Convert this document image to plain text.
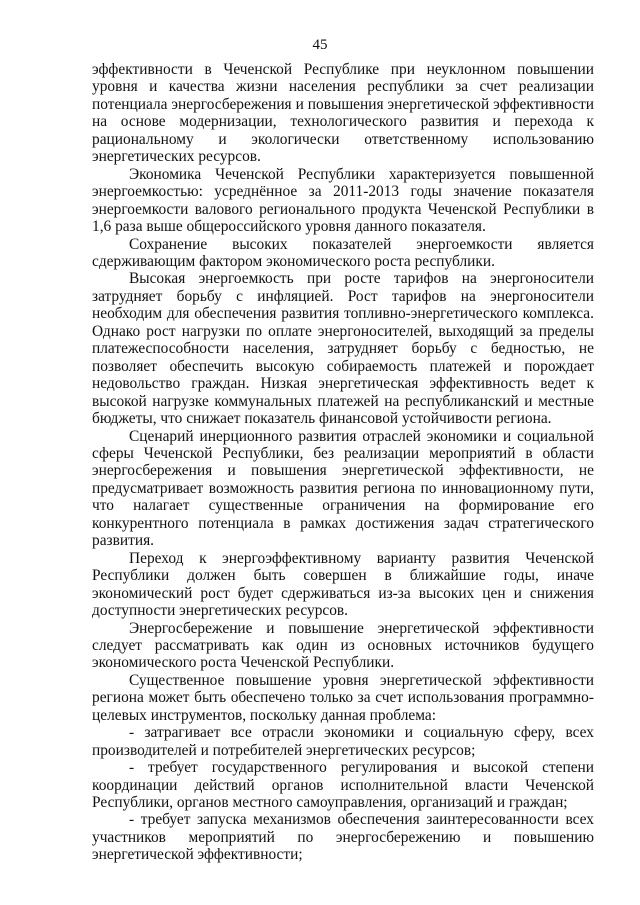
45

эффективности в Чеченской Республике при неуклонном повышении уровня и качества жизни населения республики за счет реализации потенциала энергосбережения и повышения энергетической эффективности на основе модернизации, технологического развития и перехода к рациональному и экологически ответственному использованию энергетических ресурсов.

Экономика Чеченской Республики характеризуется повышенной энергоемкостью: усреднённое за 2011-2013 годы значение показателя энергоемкости валового регионального продукта Чеченской Республики в 1,6 раза выше общероссийского уровня данного показателя.

Сохранение высоких показателей энергоемкости является сдерживающим фактором экономического роста республики.

Высокая энергоемкость при росте тарифов на энергоносители затрудняет борьбу с инфляцией. Рост тарифов на энергоносители необходим для обеспечения развития топливно-энергетического комплекса. Однако рост нагрузки по оплате энергоносителей, выходящий за пределы платежеспособности населения, затрудняет борьбу с бедностью, не позволяет обеспечить высокую собираемость платежей и порождает недовольство граждан. Низкая энергетическая эффективность ведет к высокой нагрузке коммунальных платежей на республиканский и местные бюджеты, что снижает показатель финансовой устойчивости региона.

Сценарий инерционного развития отраслей экономики и социальной сферы Чеченской Республики, без реализации мероприятий в области энергосбережения и повышения энергетической эффективности, не предусматривает возможность развития региона по инновационному пути, что налагает существенные ограничения на формирование его конкурентного потенциала в рамках достижения задач стратегического развития.

Переход к энергоэффективному варианту развития Чеченской Республики должен быть совершен в ближайшие годы, иначе экономический рост будет сдерживаться из-за высоких цен и снижения доступности энергетических ресурсов.

Энергосбережение и повышение энергетической эффективности следует рассматривать как один из основных источников будущего экономического роста Чеченской Республики.

Существенное повышение уровня энергетической эффективности региона может быть обеспечено только за счет использования программно-целевых инструментов, поскольку данная проблема:

- затрагивает все отрасли экономики и социальную сферу, всех производителей и потребителей энергетических ресурсов;

- требует государственного регулирования и высокой степени координации действий органов исполнительной власти Чеченской Республики, органов местного самоуправления, организаций и граждан;

- требует запуска механизмов обеспечения заинтересованности всех участников мероприятий по энергосбережению и повышению энергетической эффективности;
